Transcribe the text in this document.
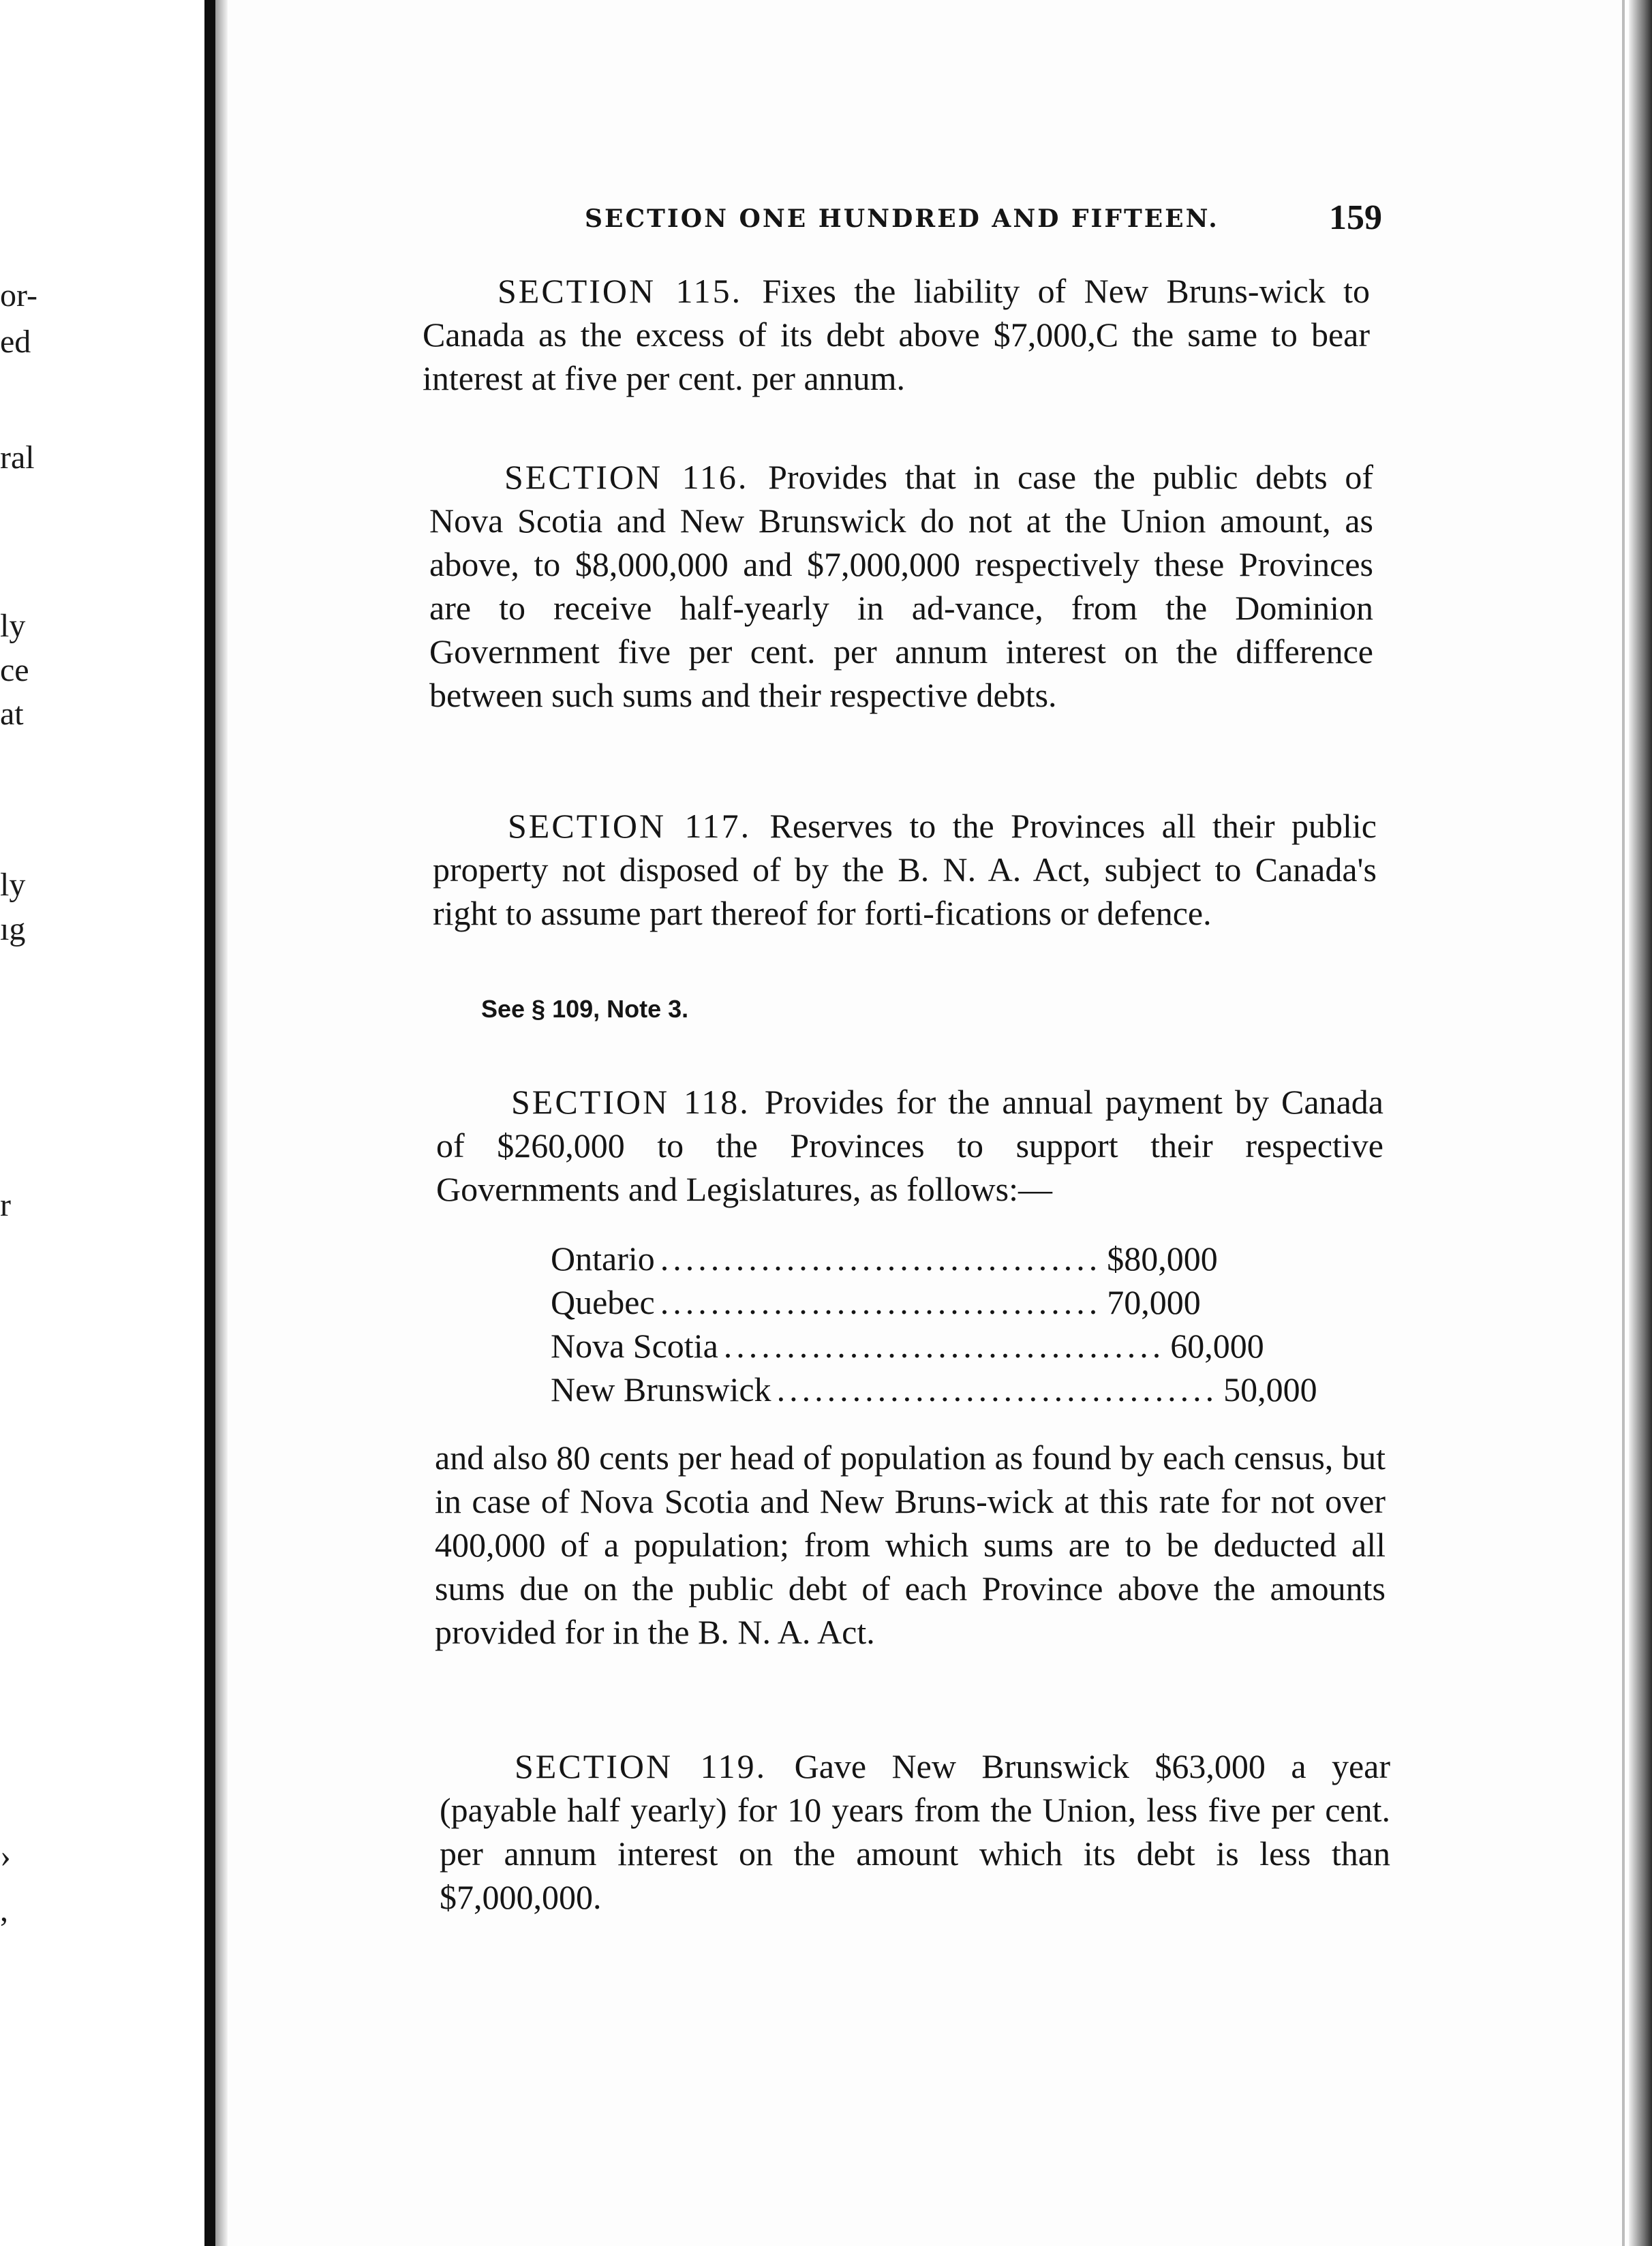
or-
ed
ral
ly
ce
at
ly
ıg
r
›
,
SECTION ONE HUNDRED AND FIFTEEN.	159
SECTION 115. Fixes the liability of New Bruns-wick to Canada as the excess of its debt above $7,000,C the same to bear interest at five per cent. per annum.
SECTION 116. Provides that in case the public debts of Nova Scotia and New Brunswick do not at the Union amount, as above, to $8,000,000 and $7,000,000 respectively these Provinces are to receive half-yearly in ad-vance, from the Dominion Government five per cent. per annum interest on the difference between such sums and their respective debts.
SECTION 117. Reserves to the Provinces all their public property not disposed of by the B. N. A. Act, subject to Canada's right to assume part thereof for forti-fications or defence.
See § 109, Note 3.
SECTION 118. Provides for the annual payment by Canada of $260,000 to the Provinces to support their respective Governments and Legislatures, as follows:—
Ontario ................................... $80,000
Quebec ................................... 70,000
Nova Scotia ................................... 60,000
New Brunswick ................................... 50,000
and also 80 cents per head of population as found by each census, but in case of Nova Scotia and New Bruns-wick at this rate for not over 400,000 of a population; from which sums are to be deducted all sums due on the public debt of each Province above the amounts provided for in the B. N. A. Act.
SECTION 119. Gave New Brunswick $63,000 a year (payable half yearly) for 10 years from the Union, less five per cent. per annum interest on the amount which its debt is less than $7,000,000.
